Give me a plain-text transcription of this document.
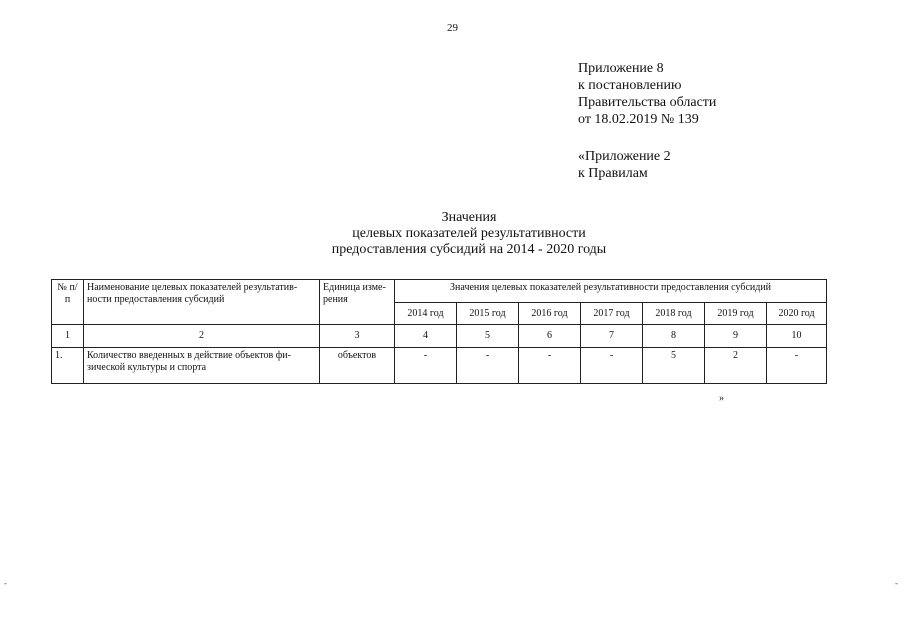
29
Приложение 8
к постановлению
Правительства области
от 18.02.2019 № 139
«Приложение 2
к Правилам
Значения
целевых показателей результативности
предоставления субсидий на 2014 - 2020 годы
№ п/п	Наименование целевых показателей результатив-ности предоставления субсидий	Единица изме-рения	Значения целевых показателей результативности предоставления субсидий						
			2014 год	2015 год	2016 год	2017 год	2018 год	2019 год	2020 год
1	2	3	4	5	6	7	8	9	10
1.	Количество введенных в действие объектов фи-зической культуры и спорта	объектов	-	-	-	-	5	2	-
»
-	-
